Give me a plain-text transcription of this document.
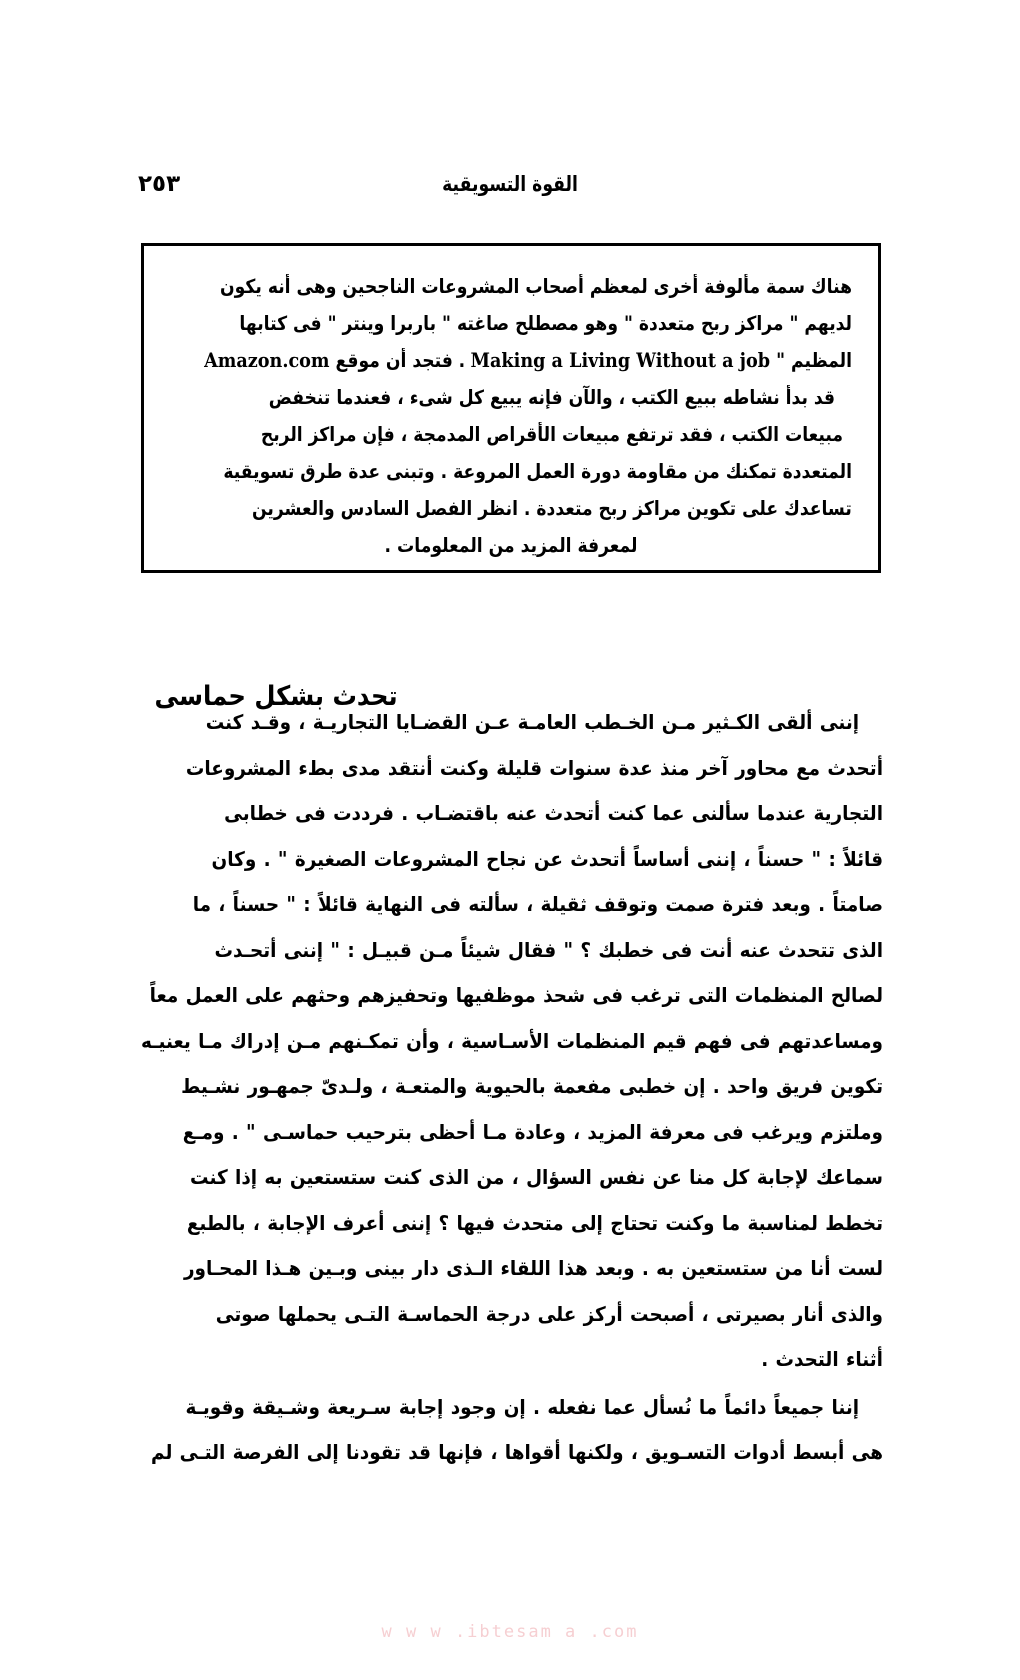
٢٥٣	القوة التسويقية
هناك سمة مألوفة أخرى لمعظم أصحاب المشروعات الناجحين وهى أنه يكون
لديهم " مراكز ربح متعددة " وهو مصطلح صاغته " باربرا وينتر " فى كتابها
المظيم " Making a Living Without a job . فتجد أن موقع Amazon.com
قد بدأ نشاطه ببيع الكتب ، والآن فإنه يبيع كل شىء ، فعندما تنخفض
مبيعات الكتب ، فقد ترتفع مبيعات الأقراص المدمجة ، فإن مراكز الربح
المتعددة تمكنك من مقاومة دورة العمل المروعة . وتبنى عدة طرق تسويقية
تساعدك على تكوين مراكز ربح متعددة . انظر الفصل السادس والعشرين
لمعرفة المزيد من المعلومات .
تحدث بشكل حماسى

إننى ألقى الكـثير مـن الخـطب العامـة عـن القضـايا التجاريـة ، وقـد كنت
أتحدث مع محاور آخر منذ عدة سنوات قليلة وكنت أنتقد مدى بطء المشروعات
التجارية عندما سألنى عما كنت أتحدث عنه باقتضـاب . فرددت فى خطابى
قائلاً : " حسناً ، إننى أساساً أتحدث عن نجاح المشروعات الصغيرة " . وكان
صامتاً . وبعد فترة صمت وتوقف ثقيلة ، سألته فى النهاية قائلاً : " حسناً ، ما
الذى تتحدث عنه أنت فى خطبك ؟ " فقال شيئاً مـن قبيـل : " إننى أتحـدث
لصالح المنظمات التى ترغب فى شحذ موظفيها وتحفيزهم وحثهم على العمل معاً
ومساعدتهم فى فهم قيم المنظمات الأسـاسية ، وأن تمكـنهم مـن إدراك مـا يعنيـه
تكوين فريق واحد . إن خطبى مفعمة بالحيوية والمتعـة ، ولـدىّ جمهـور نشـيط
وملتزم ويرغب فى معرفة المزيد ، وعادة مـا أحظى بترحيب حماسـى " . ومـع
سماعك لإجابة كل منا عن نفس السؤال ، من الذى كنت ستستعين به إذا كنت
تخطط لمناسبة ما وكنت تحتاج إلى متحدث فيها ؟ إننى أعرف الإجابة ، بالطبع
لست أنا من ستستعين به . وبعد هذا اللقاء الـذى دار بينى وبـين هـذا المحـاور
والذى أنار بصيرتى ، أصبحت أركز على درجة الحماسـة التـى يحملها صوتى
أثناء التحدث .

إننا جميعاً دائماً ما نُسأل عما نفعله . إن وجود إجابة سـريعة وشـيقة وقويـة
هى أبسط أدوات التسـويق ، ولكنها أقواها ، فإنها قد تقودنا إلى الفرصة التـى لم

w w w .ibtesam a .com
